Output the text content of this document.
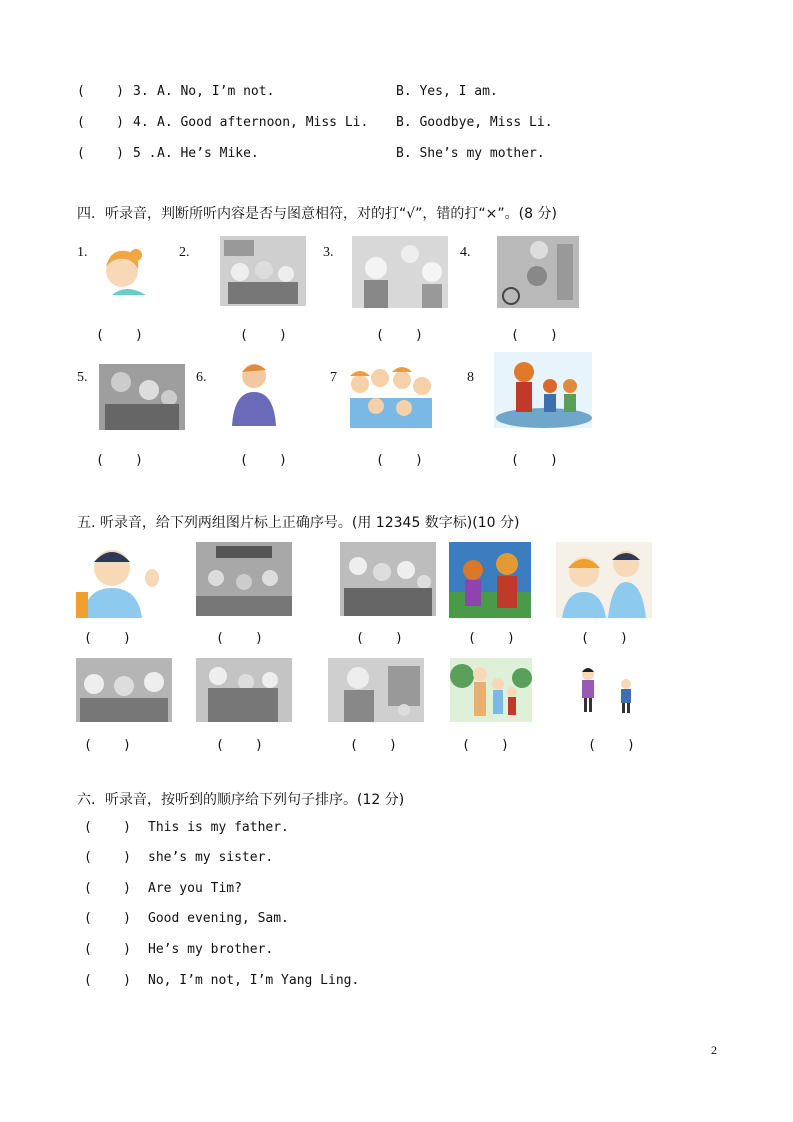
(    ) 3. A. No, I’m not.	B. Yes, I am.
(    ) 4. A. Good afternoon, Miss Li. B. Goodbye, Miss Li.
(    ) 5 . A. He’s Mike.	B. She’s my mother.
四．听录音，判断所听内容是否与图意相符，对的打“√”，错的打“×”。(8 分)
1.	2.	3.	4.
(    )	(    )	(    )	(    )
5.	6.	7	8
(    )	(    )	(    )	(    )
五. 听录音，给下列两组图片标上正确序号。(用 12345 数字标)(10 分)
(    )	(    )	(    )	(    )	(    )
(    )	(    )	(    )	(    )	(    )
六．听录音，按听到的顺序给下列句子排序。(12 分)
(    ) This is my father.
(    ) she’s my sister.
(    ) Are you Tim?
(    ) Good evening, Sam.
(    ) He’s my brother.
(    ) No, I’m not, I’m Yang Ling.
2
